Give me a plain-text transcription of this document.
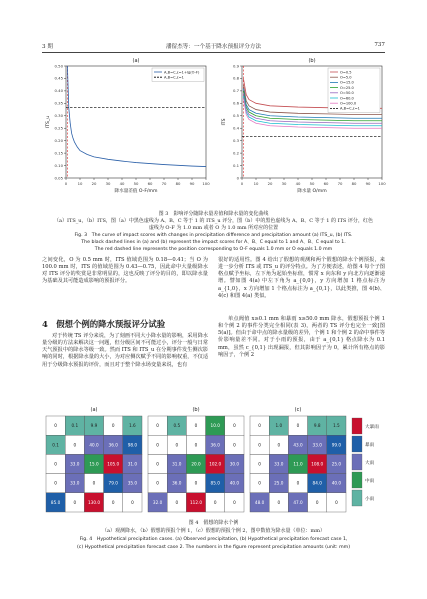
3 期	潘留杰等：一个基于降水预报评分方法	737
(a)
0	10 20 30 40 50 60 70 80 90 100
0.05
0.10
0.15
0.20
0.25
0.30
0.35
0.40
0.45
0.50
降水量差值 O-F/mm
ITS_u
A,B=C,ε=1+lg(O-F)
A,B=C,ε=1
(b)
0	10 20 30 40 50 60 70 80 90 100
0
0.1
0.2
0.3
0.4
0.5
0.6
0.7
0.8
0.9
降水量 O/mm
ITS
O=0.5
O=5.0
O=15.0
O=25.0
O=50.0
O=60.0
O=100.0
A,B=C,ε=1
图 3　影响评分随降水量差值和降水量的变化曲线
（a）ITS_u，（b）ITS，图（a）中黑色虚线为 A、B、C 等于 1 的 ITS_u 评分，图（b）中的黑色虚线为 A、B、C 等于 1 的 ITS 评分，红色虚线为 O-F 为 1.0 mm 或者 O 为 1.0 mm 所对应的位置
Fig. 3　The curve of impact scores with changes in precipitation difference and precipitation amount (a) ITS_u, (b) ITS.
The black dashed lines in (a) and (b) represent the impact scores for A、B、C equal to 1 and A、B、C equal to 1.
The red dashed line represents the position corresponding to O-F equals 1.0 mm or O equals 1.0 mm

之间变化，O 为 0.5 mm 时，ITS 值域范围为 0.18—0.41；当 O 为 100.0 mm 时，ITS 的值域范围为 0.43—0.75，因此命中大量级降水对 ITS 评分的奖赏是非常明显的，这也反映了评分的目的，即以降水量为基础及其可能造成影响的预报评分。

4　假想个例的降水预报评分试验

对于传统 TS 评分来说，为了刻画不同大小降水量的影响，采用降水量分级的方法来解决这一问题，但分级区间不可能过小，评分一般与日常天气预报中的降水等级一致。然而 ITS 和 ITS_u 在分期事件发生侧次影响的同时，根据降水量的大小，为对应侧次赋予不同的影响权重，不仅适用于分级降水预报的评价，而且对于整个降水场变量来说，也有

很好的适用性。图 4 给出了假想的观测和两个假想的降水个例预报，来进一步分析 ITS 或 ITS_u 的评分特点。为了方便表述，给图 4 每个子图格点赋予坐标，左下角为起始坐标值，惯常 x 向东和 y 向北方向逐渐递增。譬如图 4(a) 中左下角为 a_{0,0}，y 方向增加 1 格点标注为 a_{1,0}，x 方向增加 1 个格点标注为 a_{0,1}，以此类推，图 4(b)、4(c) 和图 4(a) 类似。

单点阀值 x≥0.1 mm 和暴雨 x≥50.0 mm 降水，假想预报个例 1 和个例 2 的事件分类完全相同(表 3)，两者的 TS 评分也完全一致[图 5(a)]。但由于命中点的降水量级的差异，个例 1 和个例 2 的命中事件等价影响量差不同。对于小雨的预报，由于 a_{0,1} 格点降水为 0.1 mm，虽然 c_{0,1} 出现漏报，但其影响因子为 0，累计所有格点的影响因子，个例 2

(a)
0	0.1	9.9	0	1.6
0.1	0	40.0 36.0 98.0
0	33.0 15.0 105.0 31.0
0	33.0	0	79.0 35.0
85.0	0	130.0	0	0
(b)
0	0.5	0	10.0	0
0	0	0	36.0	0
0	31.0 20.0 102.0 30.0
0	36.0	0	85.0 40.0
32.0	0	112.0	0	0
(c)
0	1.0	0	9.8	1.5
0	0	43.0 33.0 99.0
0	33.0 11.0 108.0 25.0
0	25.0	0	84.0 40.0
48.0	0	47.0	0	0
大暴雨
暴雨
大雨
中雨
小雨
图 4　假想的降水个例
（a）观测降水，（b）假想的预报个例 1，（c）假想的预报个例 2，图中数值为降水量（单位：mm）
Fig. 4　Hypothetical precipitation cases. (a) Observed precipitation, (b) Hypothetical precipitation forecast case 1,
(c) Hypothetical precipitation forecast case 2. The numbers in the figure represent precipitation amounts (unit: mm)
